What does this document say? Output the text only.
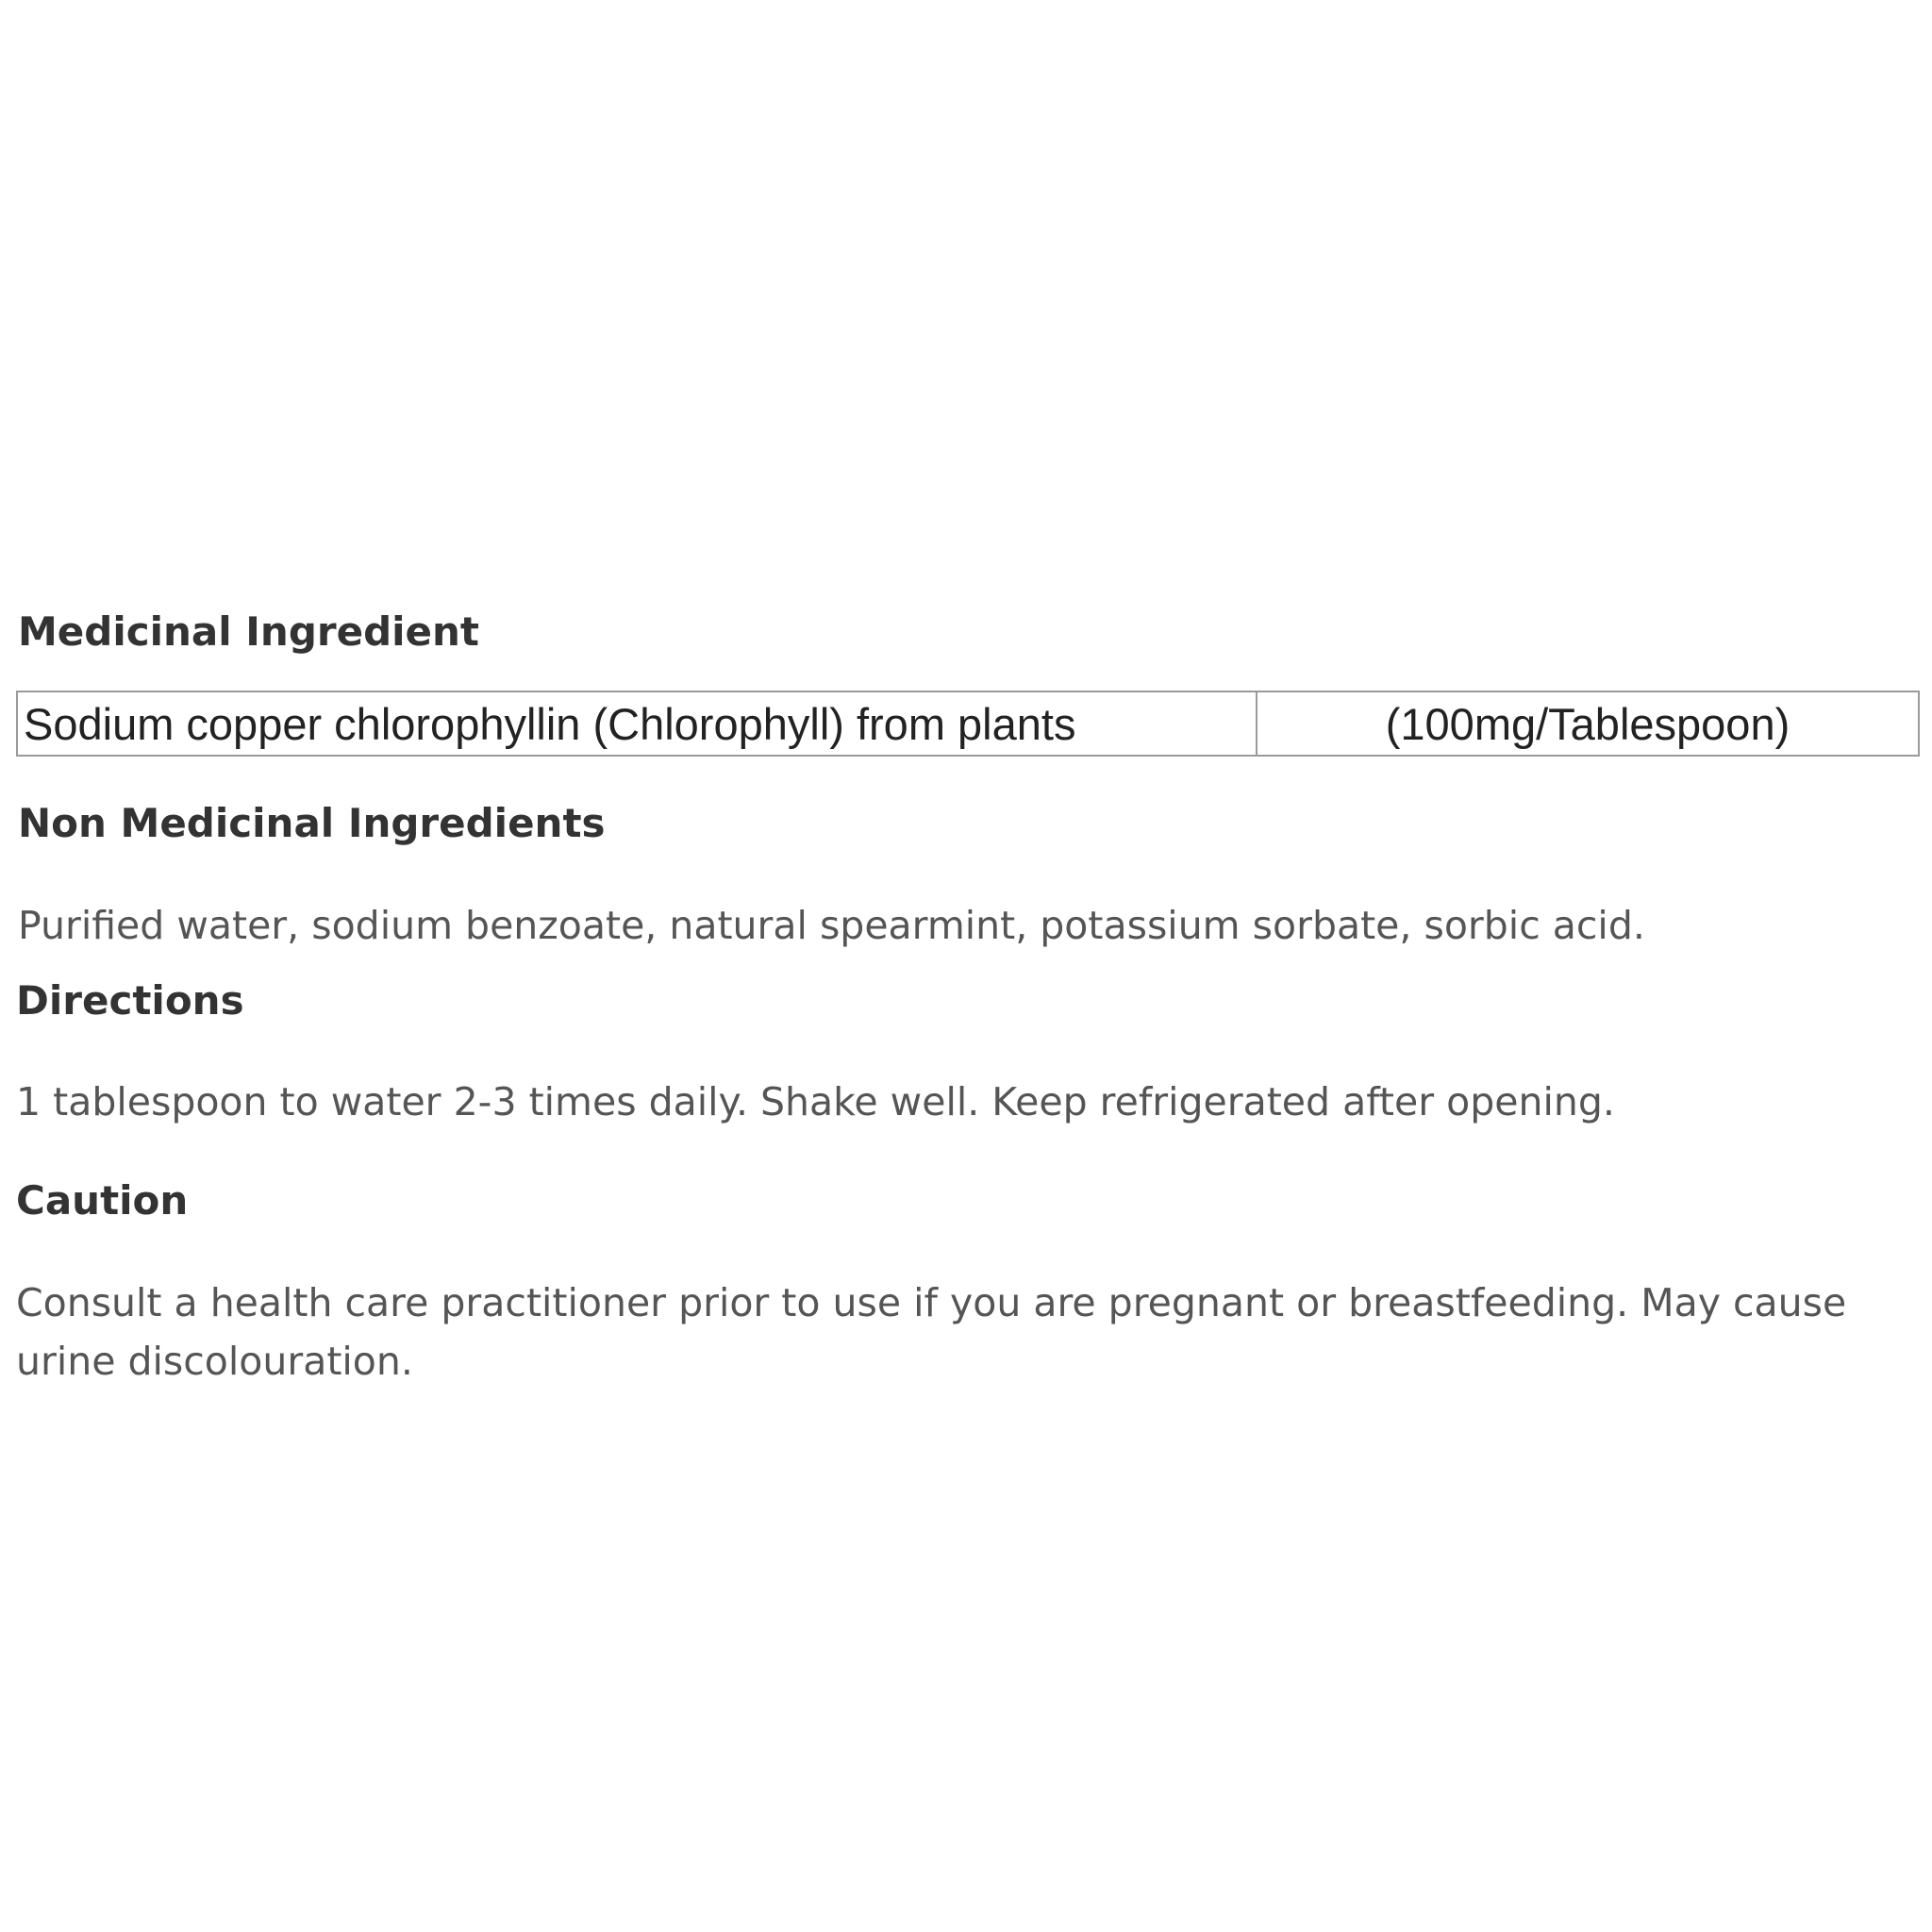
Medicinal Ingredient
Sodium copper chlorophyllin (Chlorophyll) from plants	(100mg/Tablespoon)
Non Medicinal Ingredients

Purified water, sodium benzoate, natural spearmint, potassium sorbate, sorbic acid.

Directions

1 tablespoon to water 2-3 times daily. Shake well. Keep refrigerated after opening.

Caution

Consult a health care practitioner prior to use if you are pregnant or breastfeeding. May cause urine discolouration.
